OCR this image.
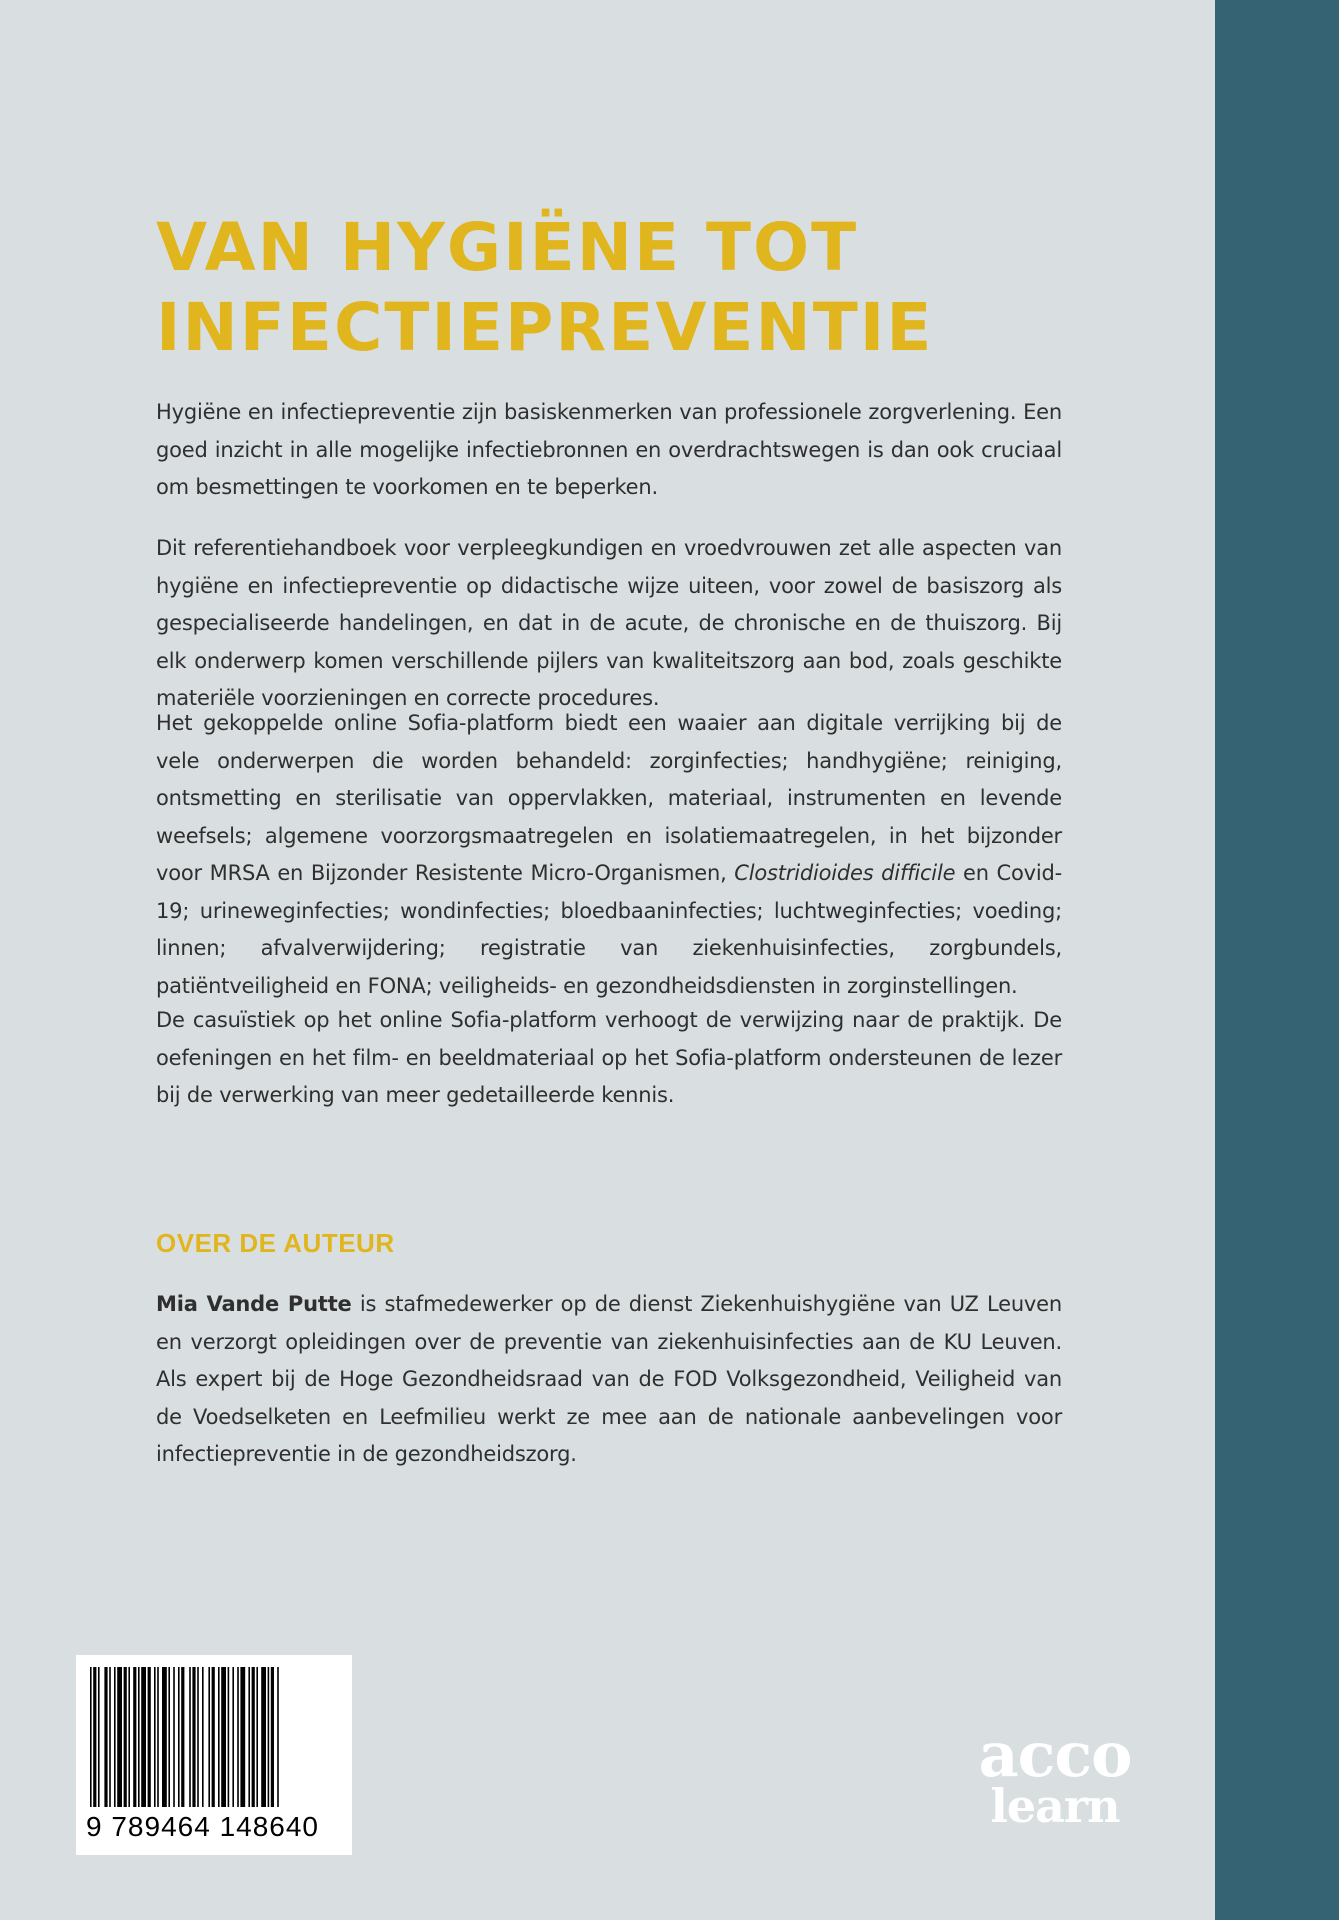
VAN HYGIËNE TOT
INFECTIEPREVENTIE

Hygiëne en infectiepreventie zijn basiskenmerken van professionele zorgverlening. Een goed inzicht in alle mogelijke infectiebronnen en overdrachtswegen is dan ook cruciaal om besmettingen te voorkomen en te beperken.

Dit referentiehandboek voor verpleegkundigen en vroedvrouwen zet alle aspecten van hygiëne en infectiepreventie op didactische wijze uiteen, voor zowel de basiszorg als gespecialiseerde handelingen, en dat in de acute, de chronische en de thuiszorg. Bij elk onderwerp komen verschillende pijlers van kwaliteitszorg aan bod, zoals geschikte materiële voorzieningen en correcte procedures.

Het gekoppelde online Sofia-platform biedt een waaier aan digitale verrijking bij de vele onderwerpen die worden behandeld: zorginfecties; handhygiëne; reiniging, ontsmetting en sterilisatie van oppervlakken, materiaal, instrumenten en levende weefsels; algemene voorzorgsmaatregelen en isolatiemaatregelen, in het bijzonder voor MRSA en Bijzonder Resistente Micro-Organismen, Clostridioides difficile en Covid-19; urineweginfecties; wondinfecties; bloedbaaninfecties; luchtweginfecties; voeding; linnen; afvalverwijdering; registratie van ziekenhuisinfecties, zorgbundels, patiëntveiligheid en FONA; veiligheids- en gezondheidsdiensten in zorginstellingen.

De casuïstiek op het online Sofia-platform verhoogt de verwijzing naar de praktijk. De oefeningen en het film- en beeldmateriaal op het Sofia-platform ondersteunen de lezer bij de verwerking van meer gedetailleerde kennis.

OVER DE AUTEUR

Mia Vande Putte is stafmedewerker op de dienst Ziekenhuishygiëne van UZ Leuven en verzorgt opleidingen over de preventie van ziekenhuisinfecties aan de KU Leuven. Als expert bij de Hoge Gezondheidsraad van de FOD Volksgezondheid, Veiligheid van de Voedselketen en Leefmilieu werkt ze mee aan de nationale aanbevelingen voor infectiepreventie in de gezondheidszorg.

9 789464 148640
acco
learn
